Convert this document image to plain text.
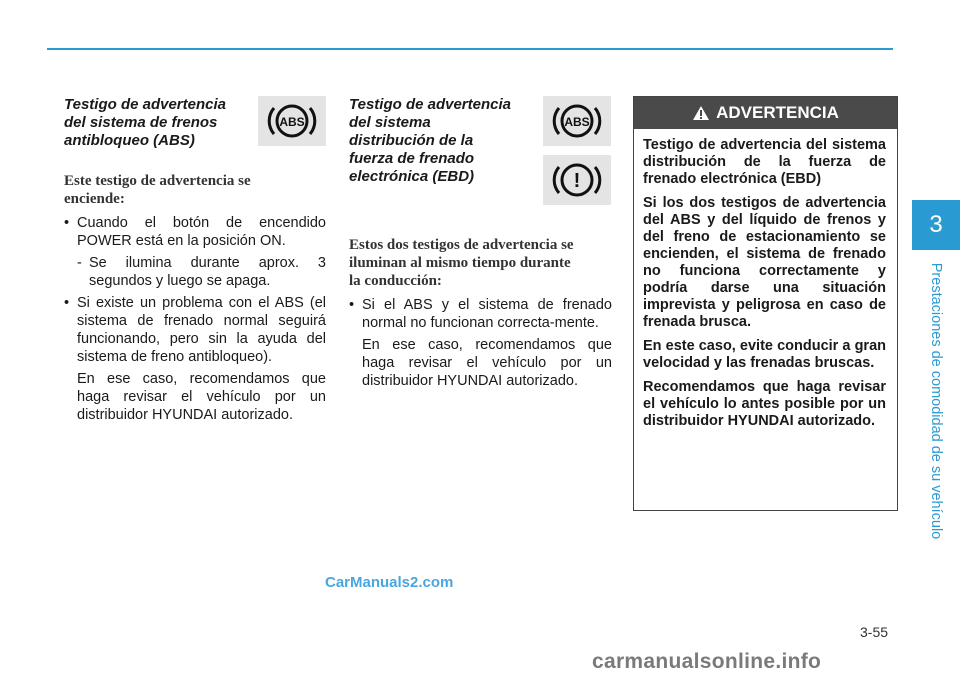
Testigo de advertencia
del sistema de frenos
antibloqueo (ABS)

Este testigo de advertencia se
enciende:

• Cuando el botón de encendido POWER está en la posición ON.
- Se ilumina durante aprox. 3 segundos y luego se apaga.
• Si existe un problema con el ABS (el sistema de frenado normal seguirá funcionando, pero sin la ayuda del sistema de freno antibloqueo).
En ese caso, recomendamos que haga revisar el vehículo por un distribuidor HYUNDAI autorizado.
ABS

Testigo de advertencia
del sistema
distribución de la
fuerza de frenado
electrónica (EBD)

Estos dos testigos de advertencia se
iluminan al mismo tiempo durante
la conducción:

• Si el ABS y el sistema de frenado normal no funcionan correcta-mente.
En ese caso, recomendamos que haga revisar el vehículo por un distribuidor HYUNDAI autorizado.
ABS
!
ADVERTENCIA

Testigo de advertencia del sistema distribución de la fuerza de frenado electrónica (EBD)

Si los dos testigos de advertencia del ABS y del líquido de frenos y del freno de estacionamiento se encienden, el sistema de frenado no funciona correctamente y podría darse una situación imprevista y peligrosa en caso de frenada brusca.

En este caso, evite conducir a gran velocidad y las frenadas bruscas.

Recomendamos que haga revisar el vehículo lo antes posible por un distribuidor HYUNDAI autorizado.

3
Prestaciones de comodidad de su vehículo
3-55
CarManuals2.com
carmanualsonline.info
